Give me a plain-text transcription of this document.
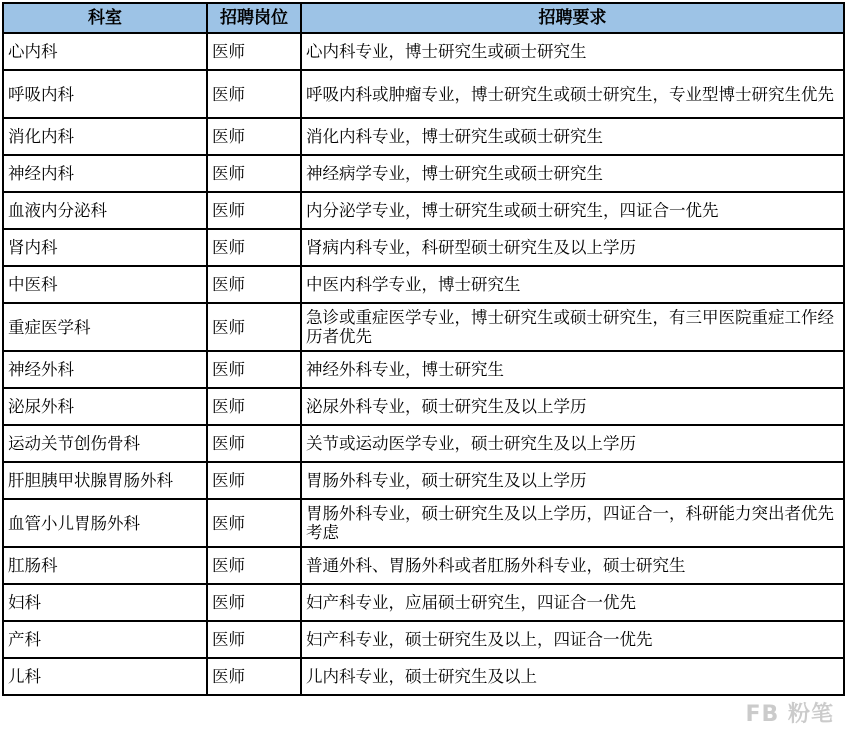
科室	招聘岗位	招聘要求
心内科	医师	心内科专业，博士研究生或硕士研究生
呼吸内科	医师	呼吸内科或肿瘤专业，博士研究生或硕士研究生，专业型博士研究生优先
消化内科	医师	消化内科专业，博士研究生或硕士研究生
神经内科	医师	神经病学专业，博士研究生或硕士研究生
血液内分泌科	医师	内分泌学专业，博士研究生或硕士研究生，四证合一优先
肾内科	医师	肾病内科专业，科研型硕士研究生及以上学历
中医科	医师	中医内科学专业，博士研究生
重症医学科	医师	急诊或重症医学专业，博士研究生或硕士研究生，有三甲医院重症工作经历者优先
神经外科	医师	神经外科专业，博士研究生
泌尿外科	医师	泌尿外科专业，硕士研究生及以上学历
运动关节创伤骨科	医师	关节或运动医学专业，硕士研究生及以上学历
肝胆胰甲状腺胃肠外科	医师	胃肠外科专业，硕士研究生及以上学历
血管小儿胃肠外科	医师	胃肠外科专业，硕士研究生及以上学历，四证合一，科研能力突出者优先考虑
肛肠科	医师	普通外科、胃肠外科或者肛肠外科专业，硕士研究生
妇科	医师	妇产科专业，应届硕士研究生，四证合一优先
产科	医师	妇产科专业，硕士研究生及以上，四证合一优先
儿科	医师	儿内科专业，硕士研究生及以上
FB 粉笔
